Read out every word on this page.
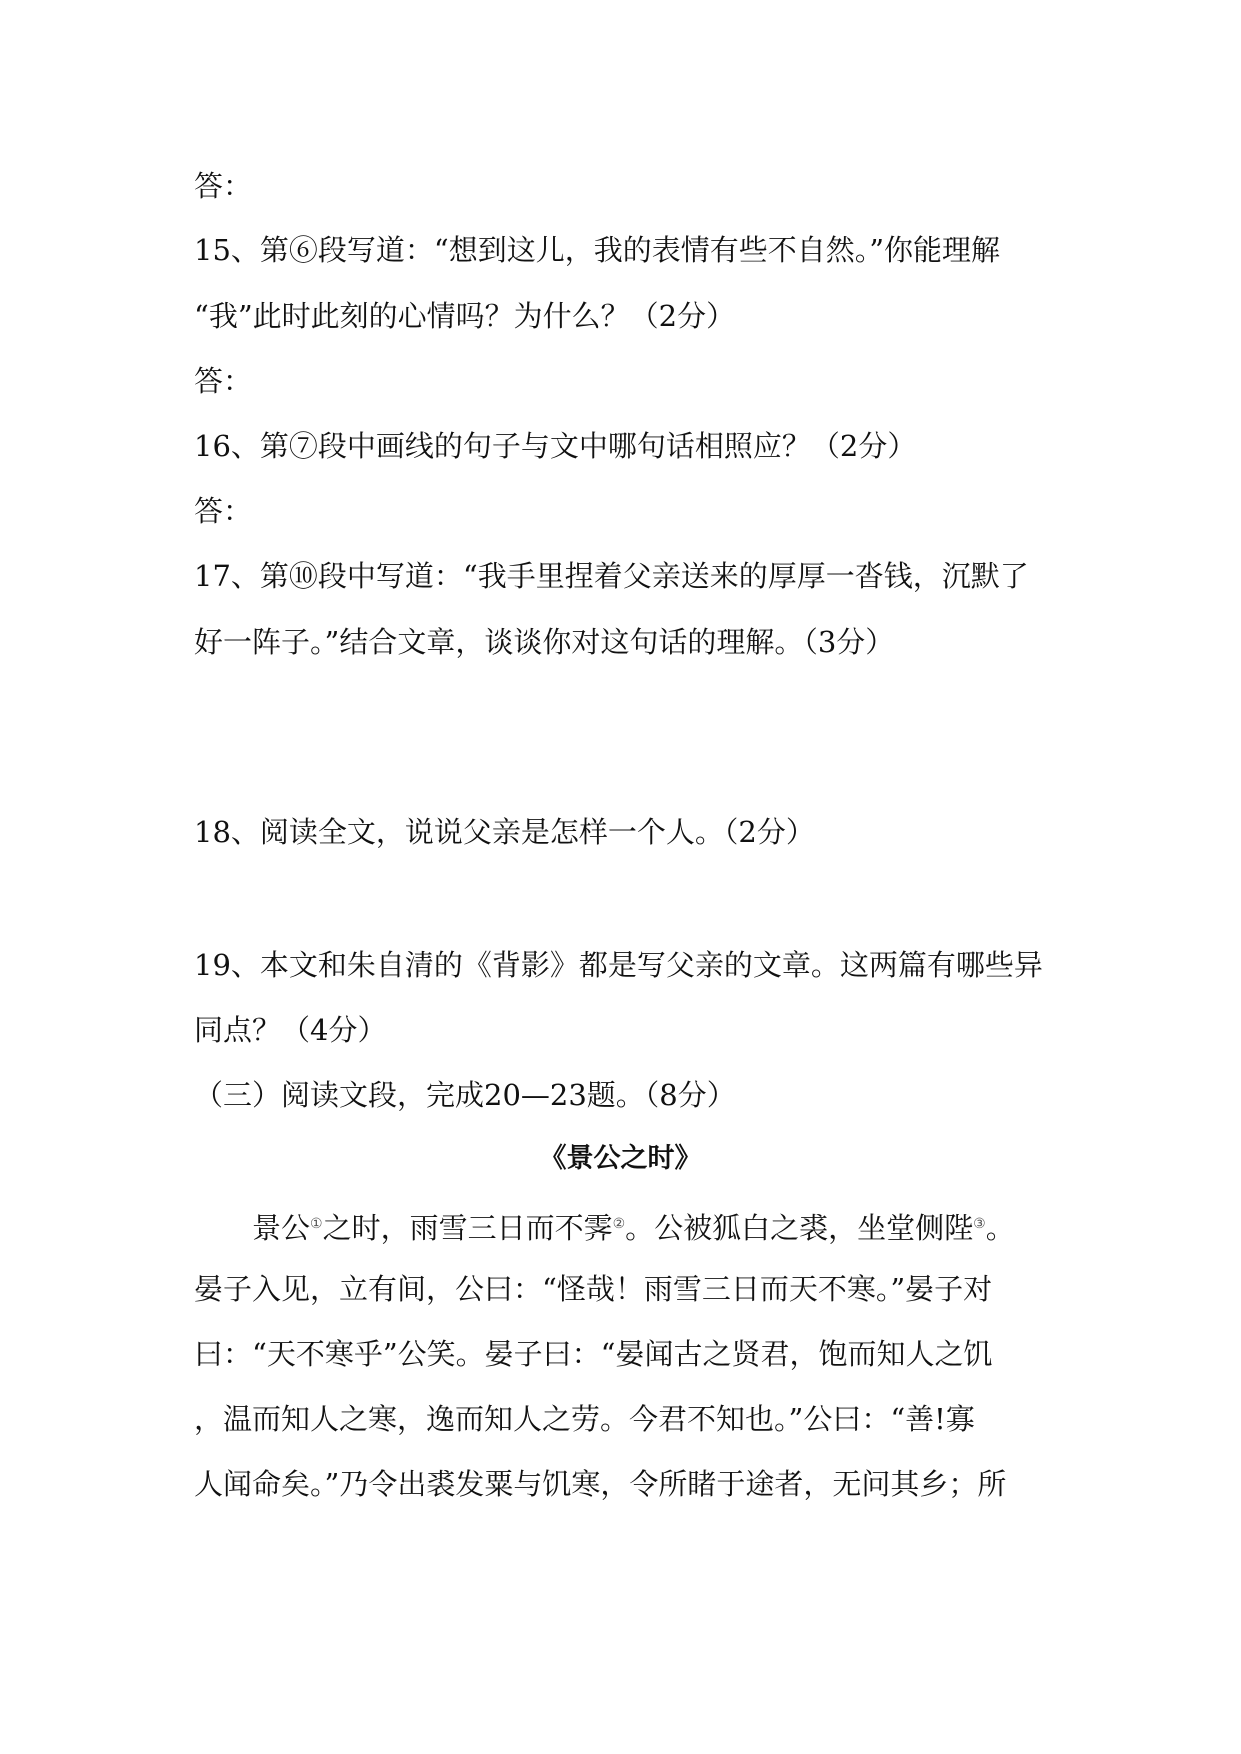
答：
15、第⑥段写道：“想到这儿，我的表情有些不自然。”你能理解
“我”此时此刻的心情吗？为什么？（2分）
答：
16、第⑦段中画线的句子与文中哪句话相照应？（2分）
答：
17、第⑩段中写道：“我手里捏着父亲送来的厚厚一沓钱，沉默了
好一阵子。”结合文章，谈谈你对这句话的理解。（3分）
18、阅读全文，说说父亲是怎样一个人。（2分）
19、本文和朱自清的《背影》都是写父亲的文章。这两篇有哪些异
同点？（4分）
（三）阅读文段，完成20—23题。（8分）
《景公之时》
景公①之时，雨雪三日而不霁②。公被狐白之裘，坐堂侧陛③。
晏子入见，立有间，公曰：“怪哉！雨雪三日而天不寒。”晏子对
曰：“天不寒乎”公笑。晏子曰：“晏闻古之贤君，饱而知人之饥
，温而知人之寒，逸而知人之劳。今君不知也。”公曰：“善!寡
人闻命矣。”乃令出裘发粟与饥寒，令所睹于途者，无问其乡；所
